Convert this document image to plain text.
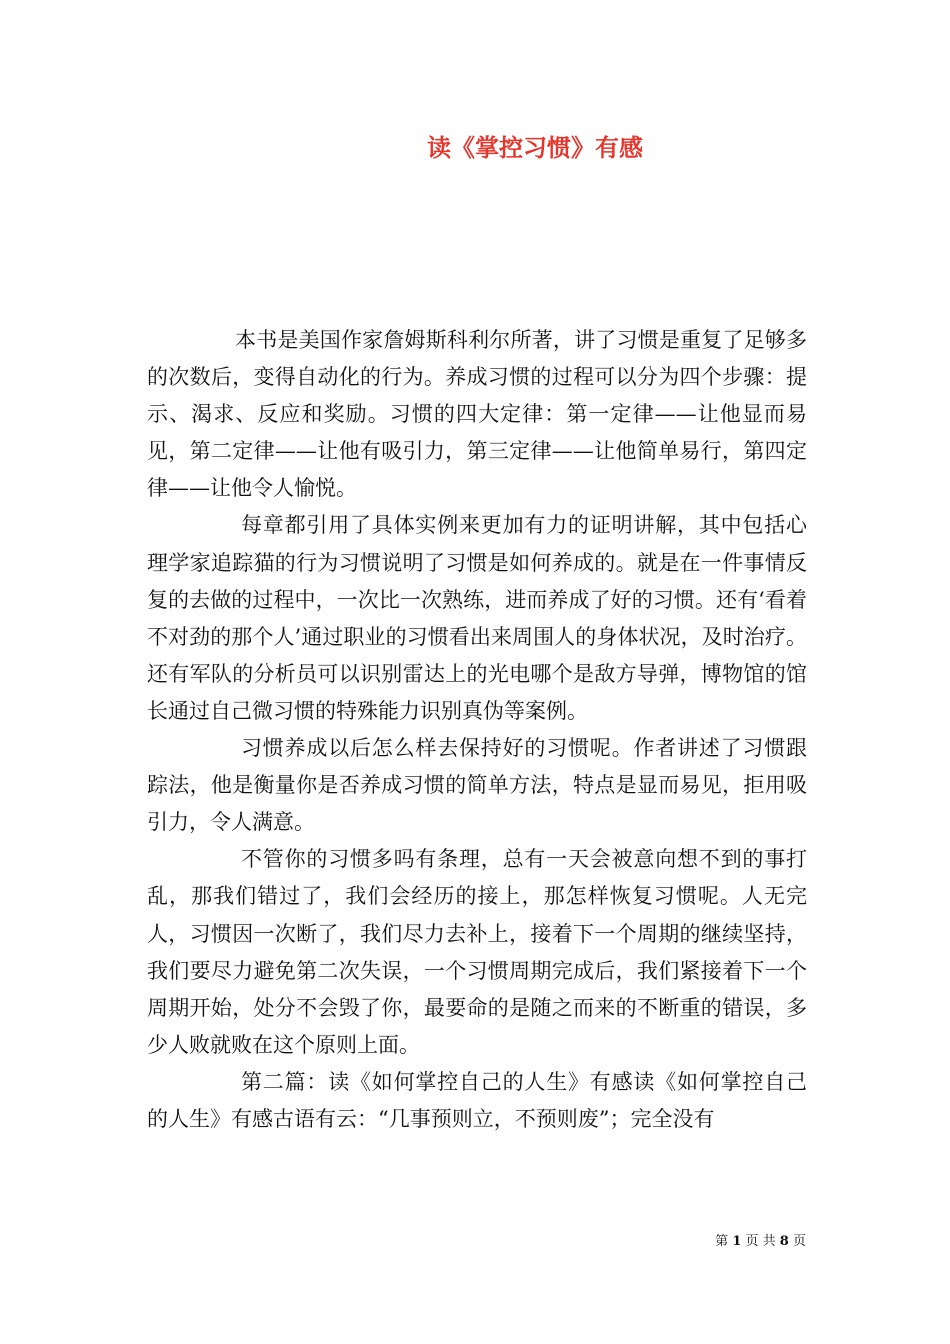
读《掌控习惯》有感

本书是美国作家詹姆斯科利尔所著，讲了习惯是重复了足够多的次数后，变得自动化的行为。养成习惯的过程可以分为四个步骤：提示、渴求、反应和奖励。习惯的四大定律：第一定律——让他显而易见，第二定律——让他有吸引力，第三定律——让他简单易行，第四定律——让他令人愉悦。

每章都引用了具体实例来更加有力的证明讲解，其中包括心理学家追踪猫的行为习惯说明了习惯是如何养成的。就是在一件事情反复的去做的过程中，一次比一次熟练，进而养成了好的习惯。还有‘看着不对劲的那个人’通过职业的习惯看出来周围人的身体状况，及时治疗。还有军队的分析员可以识别雷达上的光电哪个是敌方导弹，博物馆的馆长通过自己微习惯的特殊能力识别真伪等案例。

习惯养成以后怎么样去保持好的习惯呢。作者讲述了习惯跟踪法，他是衡量你是否养成习惯的简单方法，特点是显而易见，拒用吸引力，令人满意。

不管你的习惯多吗有条理，总有一天会被意向想不到的事打乱，那我们错过了，我们会经历的接上，那怎样恢复习惯呢。人无完人，习惯因一次断了，我们尽力去补上，接着下一个周期的继续坚持，我们要尽力避免第二次失误，一个习惯周期完成后，我们紧接着下一个周期开始，处分不会毁了你，最要命的是随之而来的不断重的错误，多少人败就败在这个原则上面。

第二篇：读《如何掌控自己的人生》有感读《如何掌控自己的人生》有感古语有云：“几事预则立，不预则废”；完全没有

第 1 页 共 8 页
